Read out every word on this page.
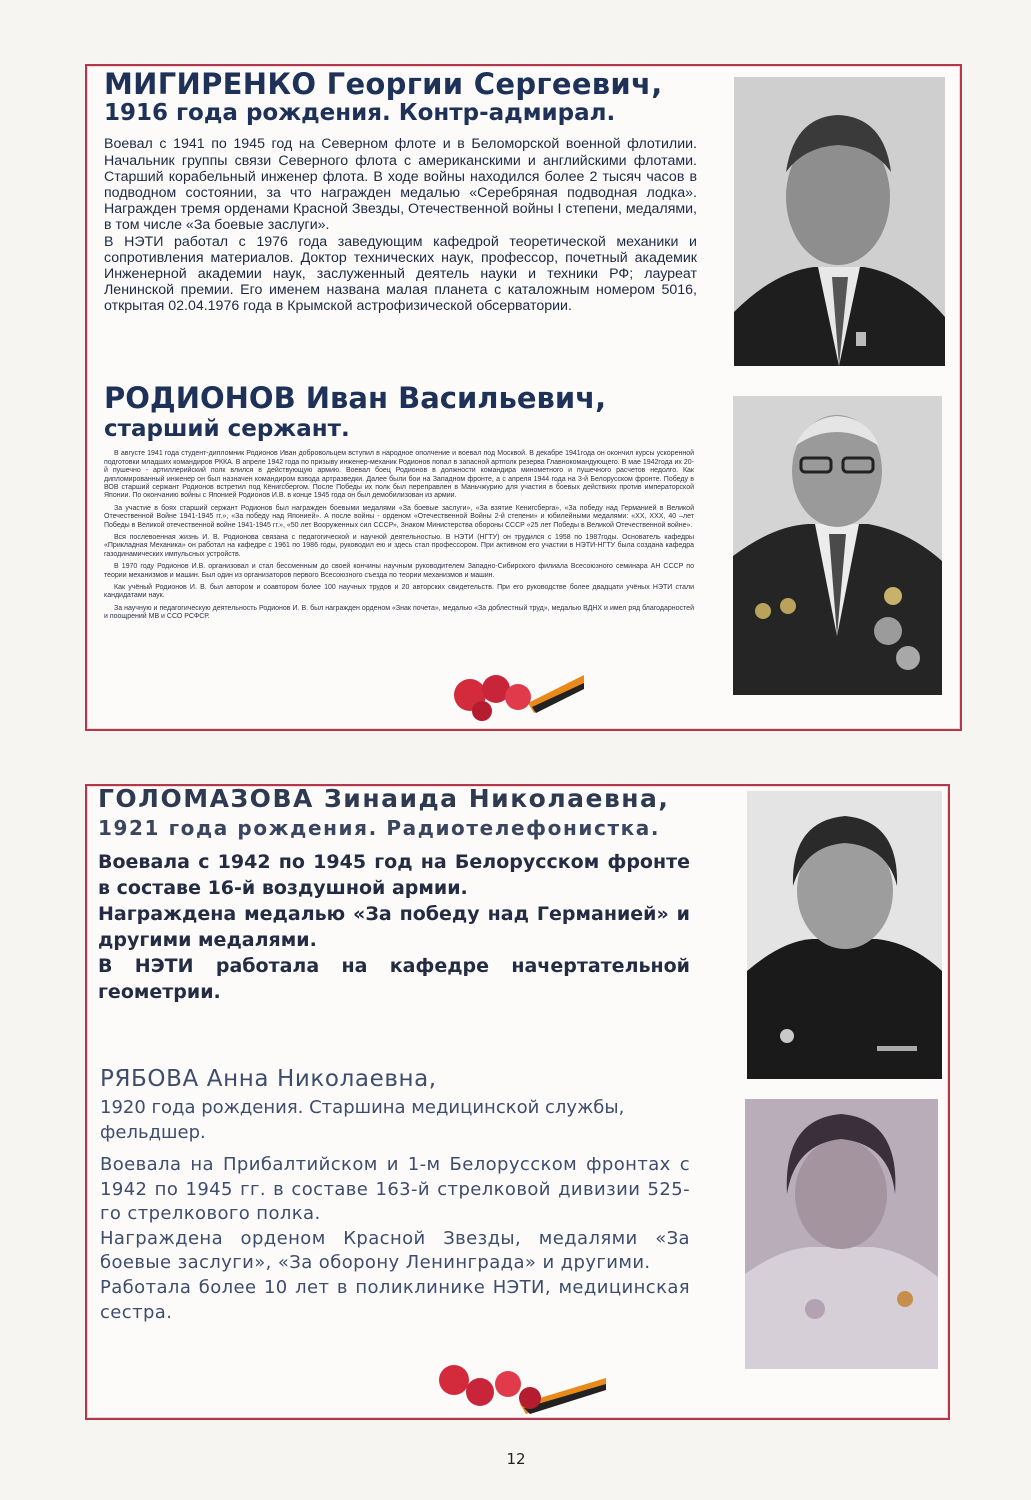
МИГИРЕНКО Георгии Сергеевич,
1916 года рождения. Контр-адмирал.

Воевал с 1941 по 1945 год на Северном флоте и в Беломорской военной флотилии. Начальник группы связи Северного флота с американскими и английскими флотами. Старший корабельный инженер флота. В ходе войны находился более 2 тысяч часов в подводном состоянии, за что награжден медалью «Серебряная подводная лодка». Награжден тремя орденами Красной Звезды, Отечественной войны I степени, медалями, в том числе «За боевые заслуги».

В НЭТИ работал с 1976 года заведующим кафедрой теоретической механики и сопротивления материалов. Доктор технических наук, профессор, почетный академик Инженерной академии наук, заслуженный деятель науки и техники РФ; лауреат Ленинской премии. Его именем названа малая планета с каталожным номером 5016, открытая 02.04.1976 года в Крымской астрофизической обсерватории.

РОДИОНОВ Иван Васильевич,
старший сержант.

В августе 1941 года студент-дипломник Родионов Иван добровольцем вступил в народное ополчение и воевал под Москвой. В декабре 1941года он окончил курсы ускоренной подготовки младших командиров РККА. В апреле 1942 года по призыву инженер-механик Родионов попал в запасной артполк резерва Главнокомандующего. В мае 1942года их 20-й пушечно - артиллерийский полк влился в действующую армию. Воевал боец Родионов в должности командира минометного и пушечного расчетов недолго. Как дипломированный инженер он был назначен командиром взвода артразведки. Далее были бои на Западном фронте, а с апреля 1944 года на 3-й Белорусском фронте. Победу в ВОВ старший сержант Родионов встретил под Кёнигсбергом. После Победы их полк был переправлен в Маньчжурию для участия в боевых действиях против императорской Японии. По окончанию войны с Японией Родионов И.В. в конце 1945 года он был демобилизован из армии.

За участие в боях старший сержант Родионов был награжден боевыми медалями «За боевые заслуги», «За взятие Кенигсберга», «За победу над Германией в Великой Отечественной Войне 1941-1945 гг.», «За победу над Японией». А после войны - орденом «Отечественной Войны 2-й степени» и юбилейными медалями: «XX, XXX, 40 –лет Победы в Великой отечественной войне 1941-1945 гг.», «50 лет Вооруженных сил СССР», Знаком Министерства обороны СССР «25 лет Победы в Великой Отечественной войне».

Вся послевоенная жизнь И. В. Родионова связана с педагогической и научной деятельностью. В НЭТИ (НГТУ) он трудился с 1958 по 1987годы. Основатель кафедры «Прикладная Механика» он работал на кафедре с 1961 по 1986 годы, руководил ею и здесь стал профессором. При активном его участии в НЭТИ-НГТУ была создана кафедра газодинамических импульсных устройств.

В 1970 году Родионов И.В. организовал и стал бессменным до своей кончины научным руководителем Западно-Сибирского филиала Всесоюзного семинара АН СССР по теории механизмов и машин. Был один из организаторов первого Всесоюзного съезда по теории механизмов и машин.

Как учёный Родионов И. В. был автором и соавтором более 100 научных трудов и 20 авторских свидетельств. При его руководстве более двадцати учёных НЭТИ стали кандидатами наук.

За научную и педагогическую деятельность Родионов И. В. был награжден орденом «Знак почета», медалью «За доблестный труд», медалью ВДНХ и имел ряд благодарностей и поощрений МВ и ССО РСФСР.

ГОЛОМАЗОВА Зинаида Николаевна,
1921 года рождения. Радиотелефонистка.

Воевала с 1942 по 1945 год на Белорусском фронте в составе 16-й воздушной армии.

Награждена медалью «За победу над Германией» и другими медалями.

В НЭТИ работала на кафедре начертательной геометрии.

РЯБОВА Анна Николаевна,
1920 года рождения. Старшина медицинской службы, фельдшер.

Воевала на Прибалтийском и 1-м Белорусском фронтах с 1942 по 1945 гг. в составе 163-й стрелковой дивизии 525-го стрелкового полка.

Награждена орденом Красной Звезды, медалями «За боевые заслуги», «За оборону Ленинграда» и другими.

Работала более 10 лет в поликлинике НЭТИ, медицинская сестра.

12
